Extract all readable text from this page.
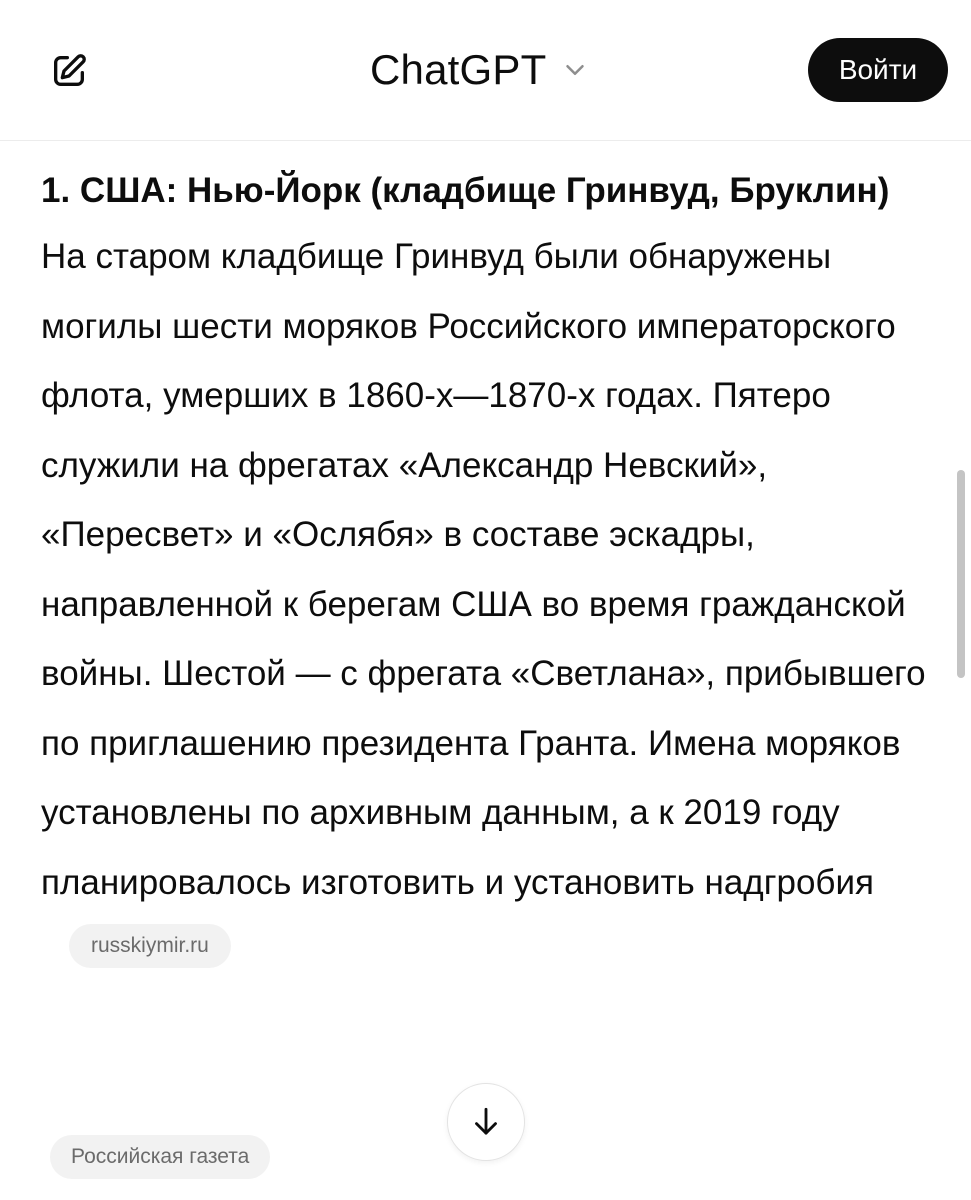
ChatGPT	Войти

1. США: Нью-Йорк (кладбище Гринвуд, Бруклин)

На старом кладбище Гринвуд были обнаружены могилы шести моряков Российского императорского флота, умерших в 1860-х—1870-х годах. Пятеро служили на фрегатах «Александр Невский», «Пересвет» и «Ослябя» в составе эскадры, направленной к берегам США во время гражданской войны. Шестой — с фрегата «Светлана», прибывшего по приглашению президента Гранта. Имена моряков установлены по архивным данным, а к 2019 году планировалось изготовить и установить надгробияrusskiymir.ru

Российская газета
